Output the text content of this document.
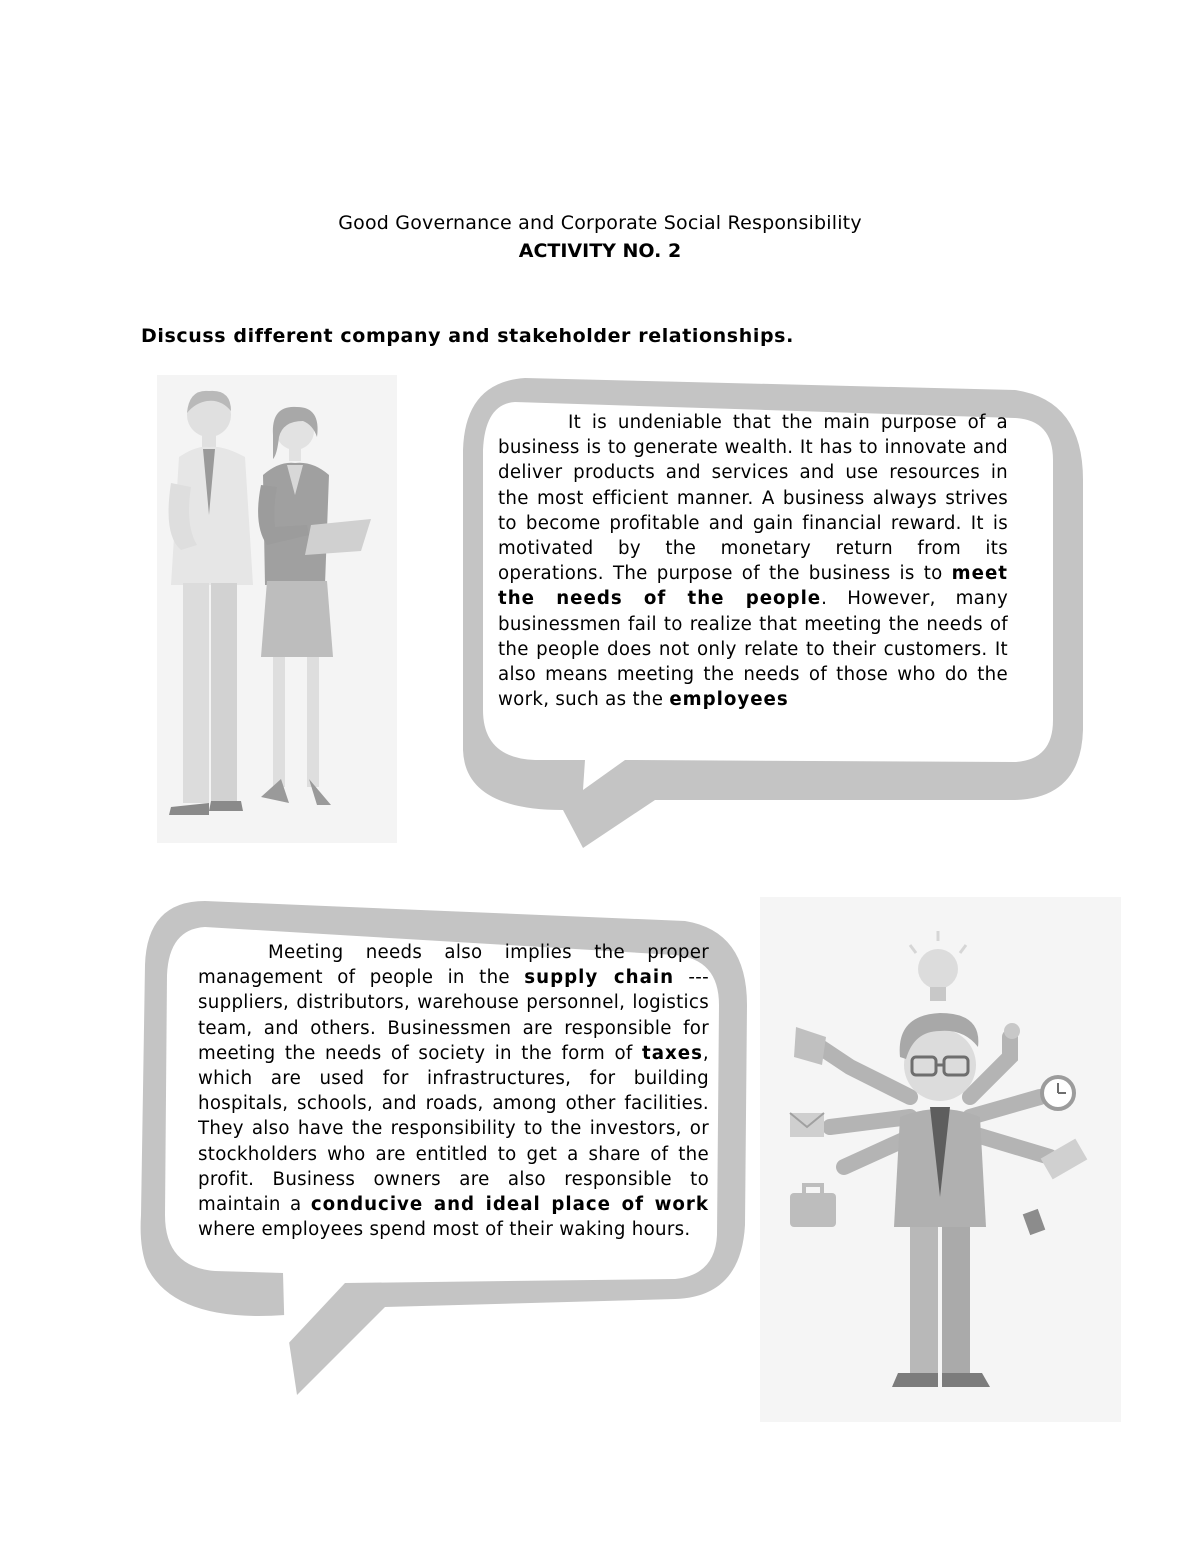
Good Governance and Corporate Social Responsibility
ACTIVITY NO. 2
Discuss different company and stakeholder relationships.

It is undeniable that the main purpose of a business is to generate wealth. It has to innovate and deliver products and services and use resources in the most efficient manner. A business always strives to become profitable and gain financial reward. It is motivated by the monetary return from its operations. The purpose of the business is to meet the needs of the people. However, many businessmen fail to realize that meeting the needs of the people does not only relate to their customers. It also means meeting the needs of those who do the work, such as the employees

Meeting needs also implies the proper management of people in the supply chain --- suppliers, distributors, warehouse personnel, logistics team, and others. Businessmen are responsible for meeting the needs of society in the form of taxes, which are used for infrastructures, for building hospitals, schools, and roads, among other facilities. They also have the responsibility to the investors, or stockholders who are entitled to get a share of the profit. Business owners are also responsible to maintain a conducive and ideal place of work where employees spend most of their waking hours.
